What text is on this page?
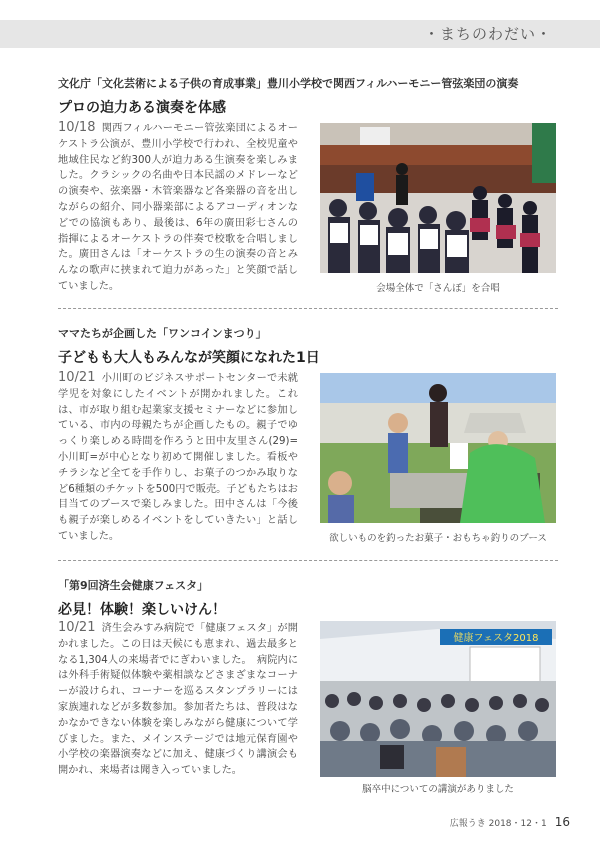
・まちのわだい・
文化庁「文化芸術による子供の育成事業」豊川小学校で関西フィルハーモニー管弦楽団の演奏
プロの迫力ある演奏を体感
10/18 関西フィルハーモニー管弦楽団によるオーケストラ公演が、豊川小学校で行われ、全校児童や地域住民など約300人が迫力ある生演奏を楽しみました。クラシックの名曲や日本民謡のメドレーなどの演奏や、弦楽器・木管楽器など各楽器の音を出しながらの紹介、同小器楽部によるアコーディオンなどでの協演もあり、最後は、6年の廣田彩七さんの指揮によるオーケストラの伴奏で校歌を合唱しました。廣田さんは「オーケストラの生の演奏の音とみんなの歌声に挟まれて迫力があった」と笑顔で話していました。	会場全体で「さんぽ」を合唱
ママたちが企画した「ワンコインまつり」
子どもも大人もみんなが笑顔になれた1日
10/21 小川町のビジネスサポートセンターで未就学児を対象にしたイベントが開かれました。これは、市が取り組む起業家支援セミナーなどに参加している、市内の母親たちが企画したもの。親子でゆっくり楽しめる時間を作ろうと田中友里さん(29)=小川町=が中心となり初めて開催しました。看板やチラシなど全てを手作りし、お菓子のつかみ取りなど6種類のチケットを500円で販売。子どもたちはお目当てのブースで楽しみました。田中さんは「今後も親子が楽しめるイベントをしていきたい」と話していました。	欲しいものを釣ったお菓子・おもちゃ釣りのブース
「第9回済生会健康フェスタ」
必見！体験！楽しいけん！
10/21 済生会みすみ病院で「健康フェスタ」が開かれました。この日は天候にも恵まれ、過去最多となる1,304人の来場者でにぎわいました。　病院内には外科手術疑似体験や薬相談などさまざまなコーナーが設けられ、コーナーを巡るスタンプラリーには家族連れなどが多数参加。参加者たちは、普段はなかなかできない体験を楽しみながら健康について学びました。また、メインステージでは地元保育園や小学校の楽器演奏などに加え、健康づくり講演会も開かれ、来場者は聞き入っていました。
健康フェスタ2018
脳卒中についての講演がありました
広報うき 2018・12・1 16
